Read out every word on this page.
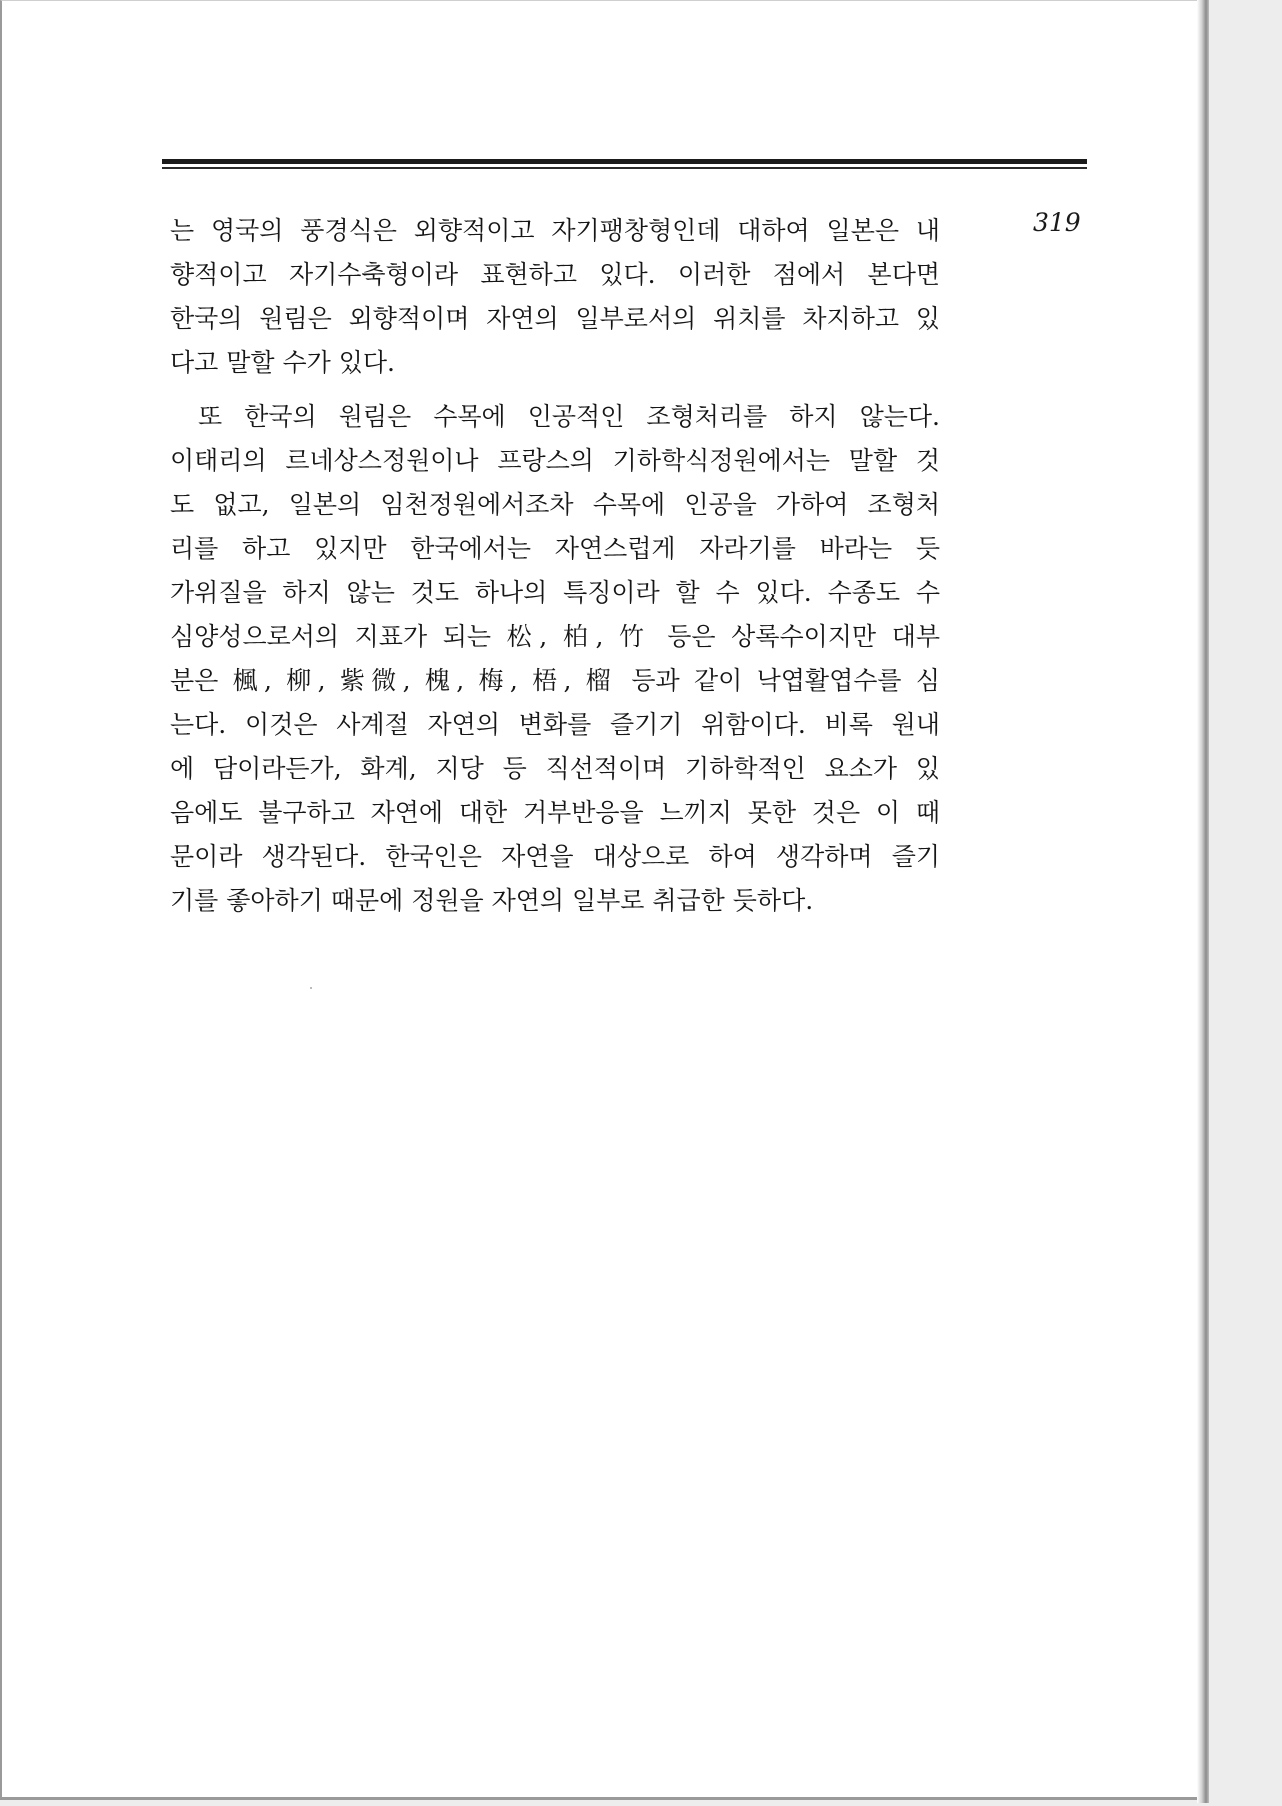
319
는 영국의 풍경식은 외향적이고 자기팽창형인데 대하여 일본은 내
향적이고 자기수축형이라 표현하고 있다. 이러한 점에서 본다면
한국의 원림은 외향적이며 자연의 일부로서의 위치를 차지하고 있
다고 말할 수가 있다.
또 한국의 원림은 수목에 인공적인 조형처리를 하지 않는다.
이태리의 르네상스정원이나 프랑스의 기하학식정원에서는 말할 것
도 없고, 일본의 임천정원에서조차 수목에 인공을 가하여 조형처
리를 하고 있지만 한국에서는 자연스럽게 자라기를 바라는 듯
가위질을 하지 않는 것도 하나의 특징이라 할 수 있다. 수종도 수
심양성으로서의 지표가 되는 松, 柏, 竹 등은 상록수이지만 대부
분은 楓, 柳, 紫微, 槐, 梅, 梧, 榴 등과 같이 낙엽활엽수를 심
는다. 이것은 사계절 자연의 변화를 즐기기 위함이다. 비록 원내
에 담이라든가, 화계, 지당 등 직선적이며 기하학적인 요소가 있
음에도 불구하고 자연에 대한 거부반응을 느끼지 못한 것은 이 때
문이라 생각된다. 한국인은 자연을 대상으로 하여 생각하며 즐기
기를 좋아하기 때문에 정원을 자연의 일부로 취급한 듯하다.
